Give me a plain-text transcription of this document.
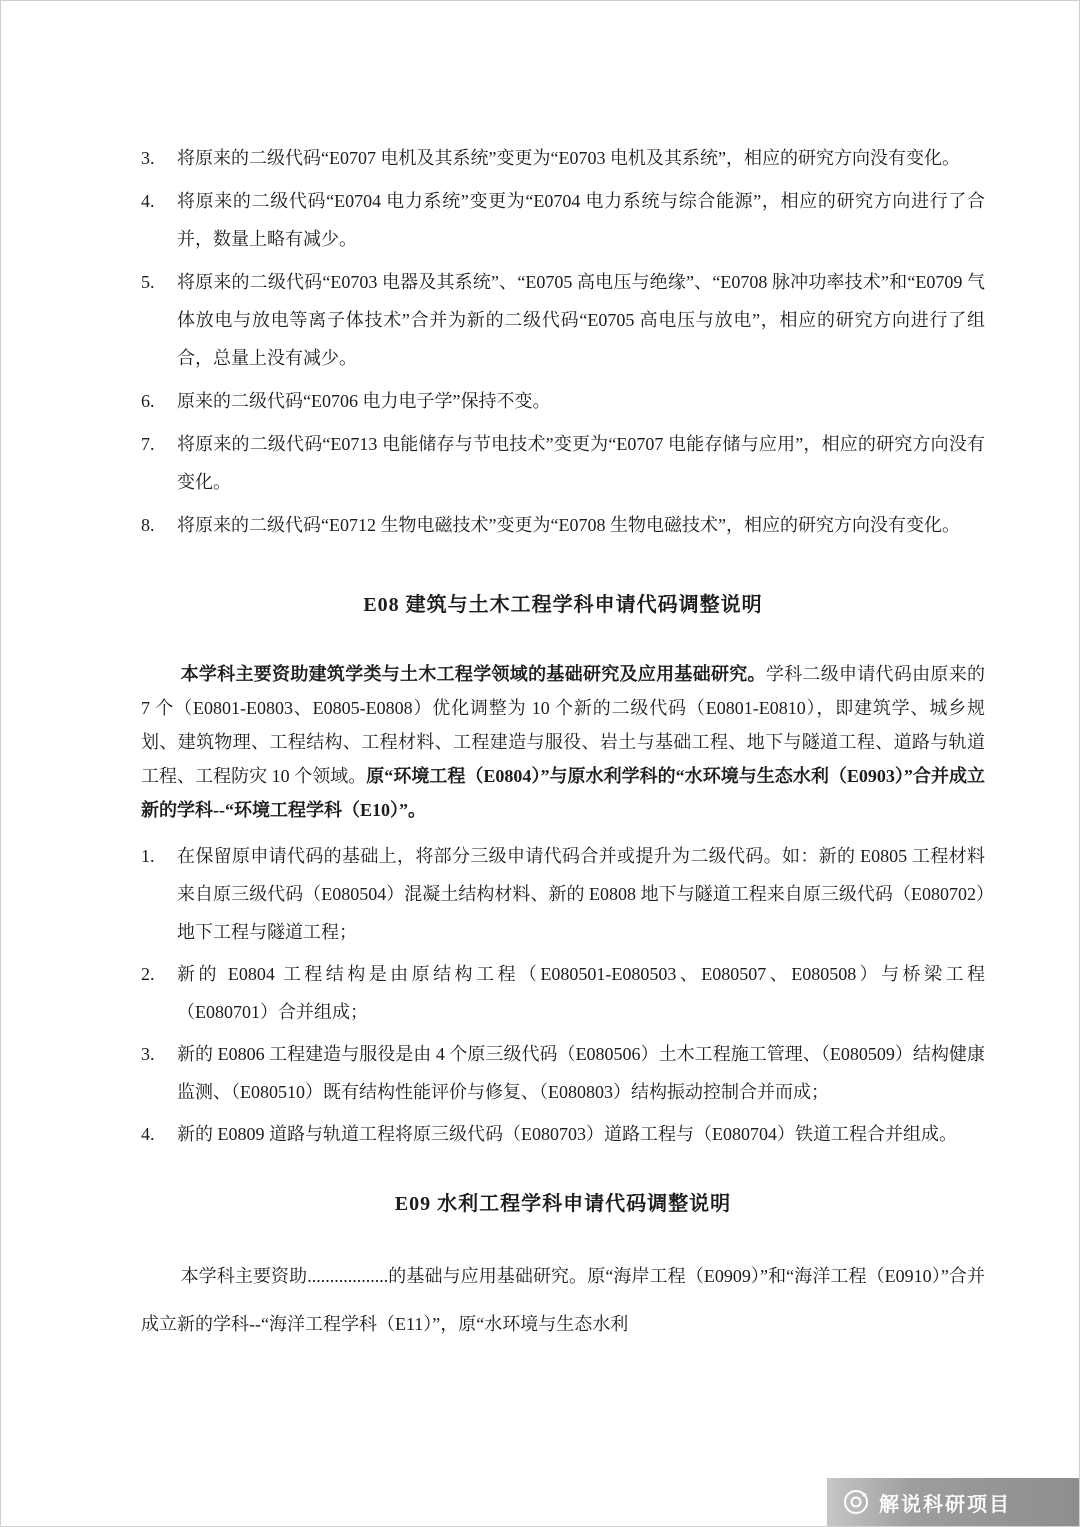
3. 将原来的二级代码“E0707 电机及其系统”变更为“E0703 电机及其系统”，相应的研究方向没有变化。
4. 将原来的二级代码“E0704 电力系统”变更为“E0704 电力系统与综合能源”，相应的研究方向进行了合并，数量上略有减少。
5. 将原来的二级代码“E0703 电器及其系统”、“E0705 高电压与绝缘”、“E0708 脉冲功率技术”和“E0709 气体放电与放电等离子体技术”合并为新的二级代码“E0705 高电压与放电”，相应的研究方向进行了组合，总量上没有减少。
6. 原来的二级代码“E0706 电力电子学”保持不变。
7. 将原来的二级代码“E0713 电能储存与节电技术”变更为“E0707 电能存储与应用”，相应的研究方向没有变化。
8. 将原来的二级代码“E0712 生物电磁技术”变更为“E0708 生物电磁技术”，相应的研究方向没有变化。
E08 建筑与土木工程学科申请代码调整说明

本学科主要资助建筑学类与土木工程学领域的基础研究及应用基础研究。学科二级申请代码由原来的 7 个（E0801-E0803、E0805-E0808）优化调整为 10 个新的二级代码（E0801-E0810），即建筑学、城乡规划、建筑物理、工程结构、工程材料、工程建造与服役、岩土与基础工程、地下与隧道工程、道路与轨道工程、工程防灾 10 个领域。原“环境工程（E0804）”与原水利学科的“水环境与生态水利（E0903）”合并成立新的学科--“环境工程学科（E10）”。

1. 在保留原申请代码的基础上，将部分三级申请代码合并或提升为二级代码。如：新的 E0805 工程材料来自原三级代码（E080504）混凝土结构材料、新的 E0808 地下与隧道工程来自原三级代码（E080702）地下工程与隧道工程；
2. 新的 E0804 工程结构是由原结构工程（E080501-E080503、E080507、E080508）与桥梁工程（E080701）合并组成；
3. 新的 E0806 工程建造与服役是由 4 个原三级代码（E080506）土木工程施工管理、（E080509）结构健康监测、（E080510）既有结构性能评价与修复、（E080803）结构振动控制合并而成；
4. 新的 E0809 道路与轨道工程将原三级代码（E080703）道路工程与（E080704）铁道工程合并组成。
E09 水利工程学科申请代码调整说明

本学科主要资助..................的基础与应用基础研究。原“海岸工程（E0909）”和“海洋工程（E0910）”合并成立新的学科--“海洋工程学科（E11）”，原“水环境与生态水利

解说科研项目
